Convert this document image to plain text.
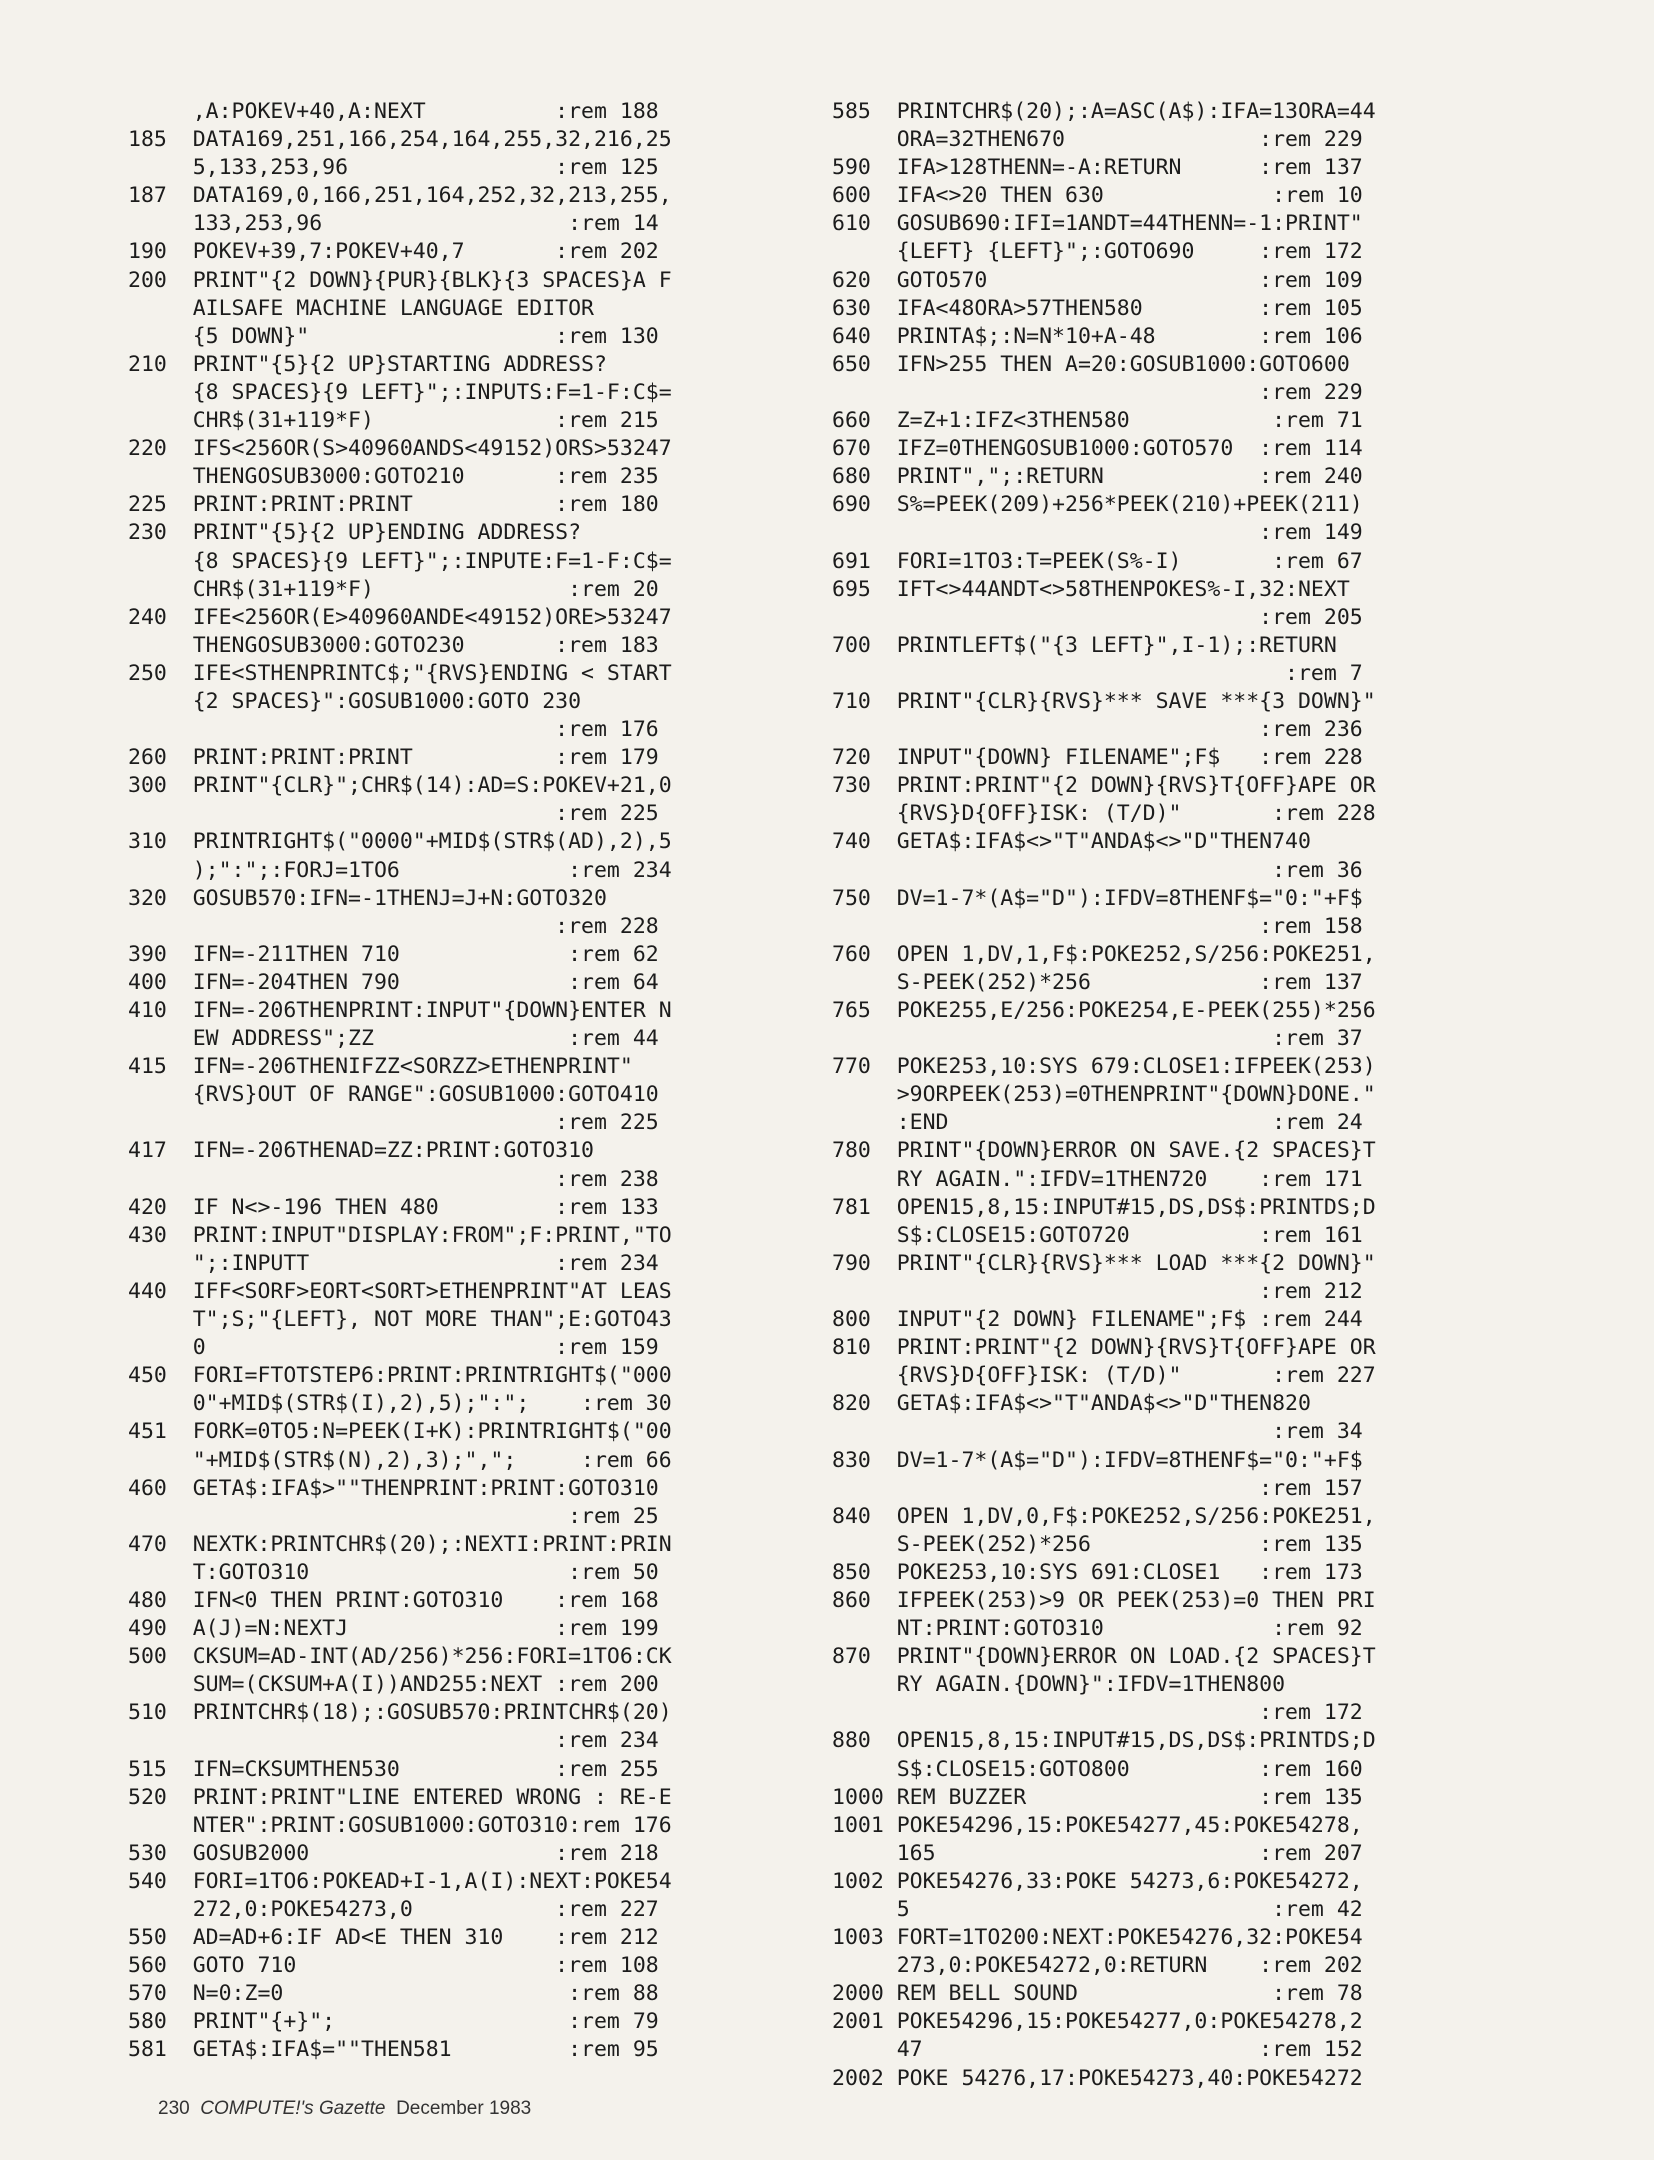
,A:POKEV+40,A:NEXT          :rem 188
185  DATA169,251,166,254,164,255,32,216,25
5,133,253,96                :rem 125
187  DATA169,0,166,251,164,252,32,213,255,
133,253,96                   :rem 14
190  POKEV+39,7:POKEV+40,7       :rem 202
200  PRINT"{2 DOWN}{PUR}{BLK}{3 SPACES}A F
AILSAFE MACHINE LANGUAGE EDITOR
{5 DOWN}"                   :rem 130
210  PRINT"{5}{2 UP}STARTING ADDRESS?
{8 SPACES}{9 LEFT}";:INPUTS:F=1-F:C$=
CHR$(31+119*F)              :rem 215
220  IFS<256OR(S>40960ANDS<49152)ORS>53247
THENGOSUB3000:GOTO210       :rem 235
225  PRINT:PRINT:PRINT           :rem 180
230  PRINT"{5}{2 UP}ENDING ADDRESS?
{8 SPACES}{9 LEFT}";:INPUTE:F=1-F:C$=
CHR$(31+119*F)               :rem 20
240  IFE<256OR(E>40960ANDE<49152)ORE>53247
THENGOSUB3000:GOTO230       :rem 183
250  IFE<STHENPRINTC$;"{RVS}ENDING < START
{2 SPACES}":GOSUB1000:GOTO 230
:rem 176
260  PRINT:PRINT:PRINT           :rem 179
300  PRINT"{CLR}";CHR$(14):AD=S:POKEV+21,0
:rem 225
310  PRINTRIGHT$("0000"+MID$(STR$(AD),2),5
);":";:FORJ=1TO6             :rem 234
320  GOSUB570:IFN=-1THENJ=J+N:GOTO320
:rem 228
390  IFN=-211THEN 710             :rem 62
400  IFN=-204THEN 790             :rem 64
410  IFN=-206THENPRINT:INPUT"{DOWN}ENTER N
EW ADDRESS";ZZ               :rem 44
415  IFN=-206THENIFZZ<SORZZ>ETHENPRINT"
{RVS}OUT OF RANGE":GOSUB1000:GOTO410
:rem 225
417  IFN=-206THENAD=ZZ:PRINT:GOTO310
:rem 238
420  IF N<>-196 THEN 480         :rem 133
430  PRINT:INPUT"DISPLAY:FROM";F:PRINT,"TO
";:INPUTT                   :rem 234
440  IFF<SORF>EORT<SORT>ETHENPRINT"AT LEAS
T";S;"{LEFT}, NOT MORE THAN";E:GOTO43
0                           :rem 159
450  FORI=FTOTSTEP6:PRINT:PRINTRIGHT$("000
0"+MID$(STR$(I),2),5);":";    :rem 30
451  FORK=0TO5:N=PEEK(I+K):PRINTRIGHT$("00
"+MID$(STR$(N),2),3);",";     :rem 66
460  GETA$:IFA$>""THENPRINT:PRINT:GOTO310
:rem 25
470  NEXTK:PRINTCHR$(20);:NEXTI:PRINT:PRIN
T:GOTO310                    :rem 50
480  IFN<0 THEN PRINT:GOTO310    :rem 168
490  A(J)=N:NEXTJ                :rem 199
500  CKSUM=AD-INT(AD/256)*256:FORI=1TO6:CK
SUM=(CKSUM+A(I))AND255:NEXT :rem 200
510  PRINTCHR$(18);:GOSUB570:PRINTCHR$(20)
:rem 234
515  IFN=CKSUMTHEN530            :rem 255
520  PRINT:PRINT"LINE ENTERED WRONG : RE-E
NTER":PRINT:GOSUB1000:GOTO310:rem 176
530  GOSUB2000                   :rem 218
540  FORI=1TO6:POKEAD+I-1,A(I):NEXT:POKE54
272,0:POKE54273,0           :rem 227
550  AD=AD+6:IF AD<E THEN 310    :rem 212
560  GOTO 710                    :rem 108
570  N=0:Z=0                      :rem 88
580  PRINT"{+}";                  :rem 79
581  GETA$:IFA$=""THEN581         :rem 95
585  PRINTCHR$(20);:A=ASC(A$):IFA=13ORA=44
ORA=32THEN670               :rem 229
590  IFA>128THENN=-A:RETURN      :rem 137
600  IFA<>20 THEN 630             :rem 10
610  GOSUB690:IFI=1ANDT=44THENN=-1:PRINT"
{LEFT} {LEFT}";:GOTO690     :rem 172
620  GOTO570                     :rem 109
630  IFA<48ORA>57THEN580         :rem 105
640  PRINTA$;:N=N*10+A-48        :rem 106
650  IFN>255 THEN A=20:GOSUB1000:GOTO600
:rem 229
660  Z=Z+1:IFZ<3THEN580           :rem 71
670  IFZ=0THENGOSUB1000:GOTO570  :rem 114
680  PRINT",";:RETURN            :rem 240
690  S%=PEEK(209)+256*PEEK(210)+PEEK(211)
:rem 149
691  FORI=1TO3:T=PEEK(S%-I)       :rem 67
695  IFT<>44ANDT<>58THENPOKES%-I,32:NEXT
:rem 205
700  PRINTLEFT$("{3 LEFT}",I-1);:RETURN
:rem 7
710  PRINT"{CLR}{RVS}*** SAVE ***{3 DOWN}"
:rem 236
720  INPUT"{DOWN} FILENAME";F$   :rem 228
730  PRINT:PRINT"{2 DOWN}{RVS}T{OFF}APE OR
{RVS}D{OFF}ISK: (T/D)"       :rem 228
740  GETA$:IFA$<>"T"ANDA$<>"D"THEN740
:rem 36
750  DV=1-7*(A$="D"):IFDV=8THENF$="0:"+F$
:rem 158
760  OPEN 1,DV,1,F$:POKE252,S/256:POKE251,
S-PEEK(252)*256             :rem 137
765  POKE255,E/256:POKE254,E-PEEK(255)*256
:rem 37
770  POKE253,10:SYS 679:CLOSE1:IFPEEK(253)
>9ORPEEK(253)=0THENPRINT"{DOWN}DONE."
:END                         :rem 24
780  PRINT"{DOWN}ERROR ON SAVE.{2 SPACES}T
RY AGAIN.":IFDV=1THEN720    :rem 171
781  OPEN15,8,15:INPUT#15,DS,DS$:PRINTDS;D
S$:CLOSE15:GOTO720          :rem 161
790  PRINT"{CLR}{RVS}*** LOAD ***{2 DOWN}"
:rem 212
800  INPUT"{2 DOWN} FILENAME";F$ :rem 244
810  PRINT:PRINT"{2 DOWN}{RVS}T{OFF}APE OR
{RVS}D{OFF}ISK: (T/D)"       :rem 227
820  GETA$:IFA$<>"T"ANDA$<>"D"THEN820
:rem 34
830  DV=1-7*(A$="D"):IFDV=8THENF$="0:"+F$
:rem 157
840  OPEN 1,DV,0,F$:POKE252,S/256:POKE251,
S-PEEK(252)*256             :rem 135
850  POKE253,10:SYS 691:CLOSE1   :rem 173
860  IFPEEK(253)>9 OR PEEK(253)=0 THEN PRI
NT:PRINT:GOTO310             :rem 92
870  PRINT"{DOWN}ERROR ON LOAD.{2 SPACES}T
RY AGAIN.{DOWN}":IFDV=1THEN800
:rem 172
880  OPEN15,8,15:INPUT#15,DS,DS$:PRINTDS;D
S$:CLOSE15:GOTO800          :rem 160
1000 REM BUZZER                  :rem 135
1001 POKE54296,15:POKE54277,45:POKE54278,
165                         :rem 207
1002 POKE54276,33:POKE 54273,6:POKE54272,
5                            :rem 42
1003 FORT=1TO200:NEXT:POKE54276,32:POKE54
273,0:POKE54272,0:RETURN    :rem 202
2000 REM BELL SOUND               :rem 78
2001 POKE54296,15:POKE54277,0:POKE54278,2
47                          :rem 152
2002 POKE 54276,17:POKE54273,40:POKE54272
230 COMPUTE!'s Gazette December 1983
